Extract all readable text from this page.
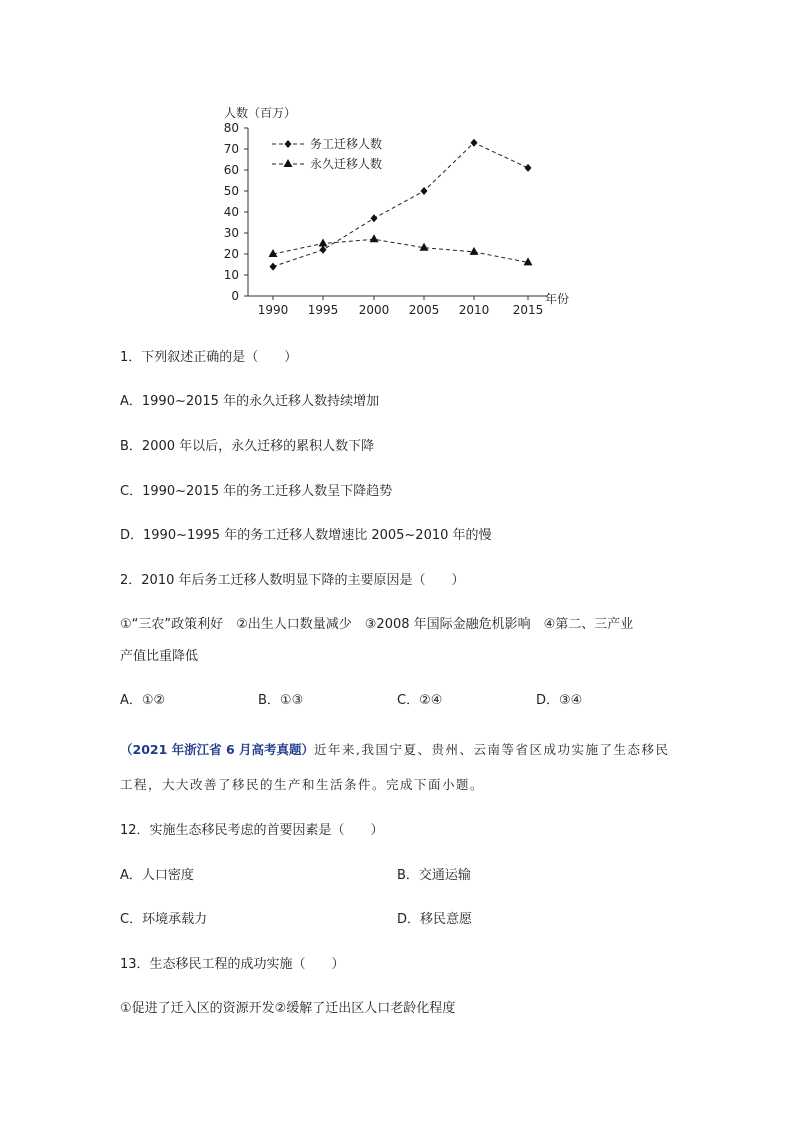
0
10
20
30
40
50
60
70
80
1990 1995 2000 2005 2010 2015
人数（百万）
年份
务工迁移人数
永久迁移人数
1．下列叙述正确的是（　　）
A．1990~2015 年的永久迁移人数持续增加
B．2000 年以后，永久迁移的累积人数下降
C．1990~2015 年的务工迁移人数呈下降趋势
D．1990~1995 年的务工迁移人数增速比 2005~2010 年的慢
2．2010 年后务工迁移人数明显下降的主要原因是（　　）
①“三农”政策利好　②出生人口数量减少　③2008 年国际金融危机影响　④第二、三产业
产值比重降低
A．①②	B．①③	C．②④	D．③④
（2021 年浙江省 6 月高考真题）近年来,我国宁夏、贵州、云南等省区成功实施了生态移民
工程，大大改善了移民的生产和生活条件。完成下面小题。
12．实施生态移民考虑的首要因素是（　　）
A．人口密度	B．交通运输
C．环境承载力	D．移民意愿
13．生态移民工程的成功实施（　　）
①促进了迁入区的资源开发②缓解了迁出区人口老龄化程度
